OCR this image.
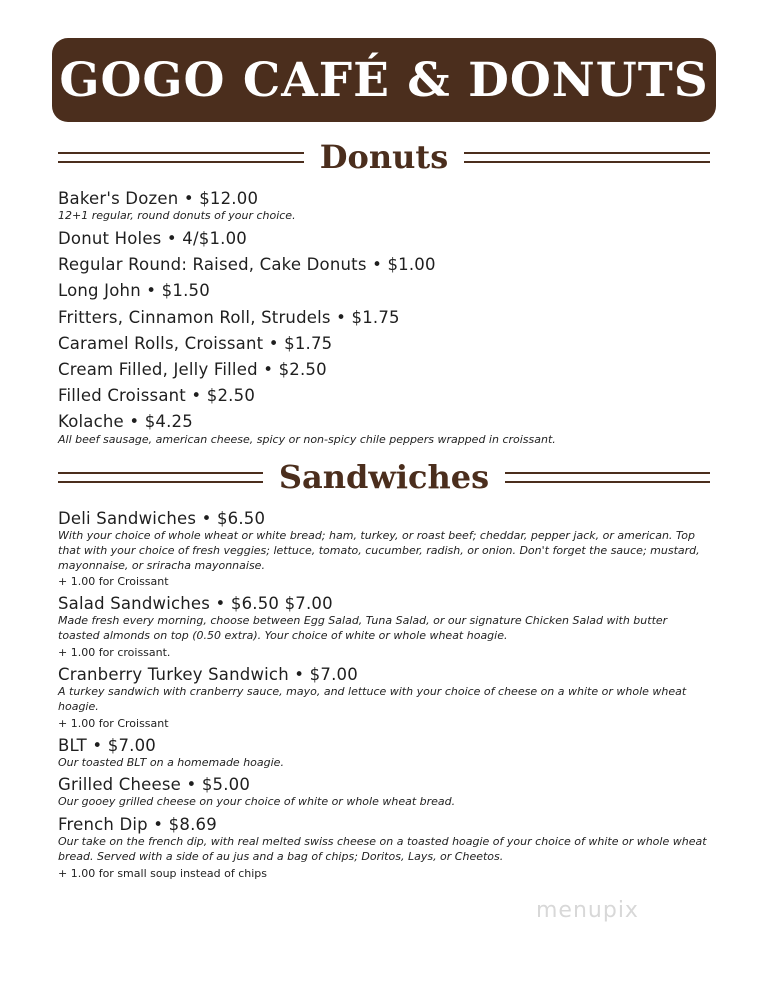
GOGO CAFÉ & DONUTS
Donuts
Baker's Dozen • $12.00
12+1 regular, round donuts of your choice.
Donut Holes • 4/$1.00
Regular Round: Raised, Cake Donuts • $1.00
Long John • $1.50
Fritters, Cinnamon Roll, Strudels • $1.75
Caramel Rolls, Croissant • $1.75
Cream Filled, Jelly Filled • $2.50
Filled Croissant • $2.50
Kolache • $4.25
All beef sausage, american cheese, spicy or non-spicy chile peppers wrapped in croissant.
Sandwiches
Deli Sandwiches • $6.50
With your choice of whole wheat or white bread; ham, turkey, or roast beef; cheddar, pepper jack, or american. Top that with your choice of fresh veggies; lettuce, tomato, cucumber, radish, or onion. Don't forget the sauce; mustard, mayonnaise, or sriracha mayonnaise.
+ 1.00 for Croissant
Salad Sandwiches • $6.50 $7.00
Made fresh every morning, choose between Egg Salad, Tuna Salad, or our signature Chicken Salad with butter toasted almonds on top (0.50 extra). Your choice of white or whole wheat hoagie.
+ 1.00 for croissant.
Cranberry Turkey Sandwich • $7.00
A turkey sandwich with cranberry sauce, mayo, and lettuce with your choice of cheese on a white or whole wheat hoagie.
+ 1.00 for Croissant
BLT • $7.00
Our toasted BLT on a homemade hoagie.
Grilled Cheese • $5.00
Our gooey grilled cheese on your choice of white or whole wheat bread.
French Dip • $8.69
Our take on the french dip, with real melted swiss cheese on a toasted hoagie of your choice of white or whole wheat bread. Served with a side of au jus and a bag of chips; Doritos, Lays, or Cheetos.
+ 1.00 for small soup instead of chips
menupix
